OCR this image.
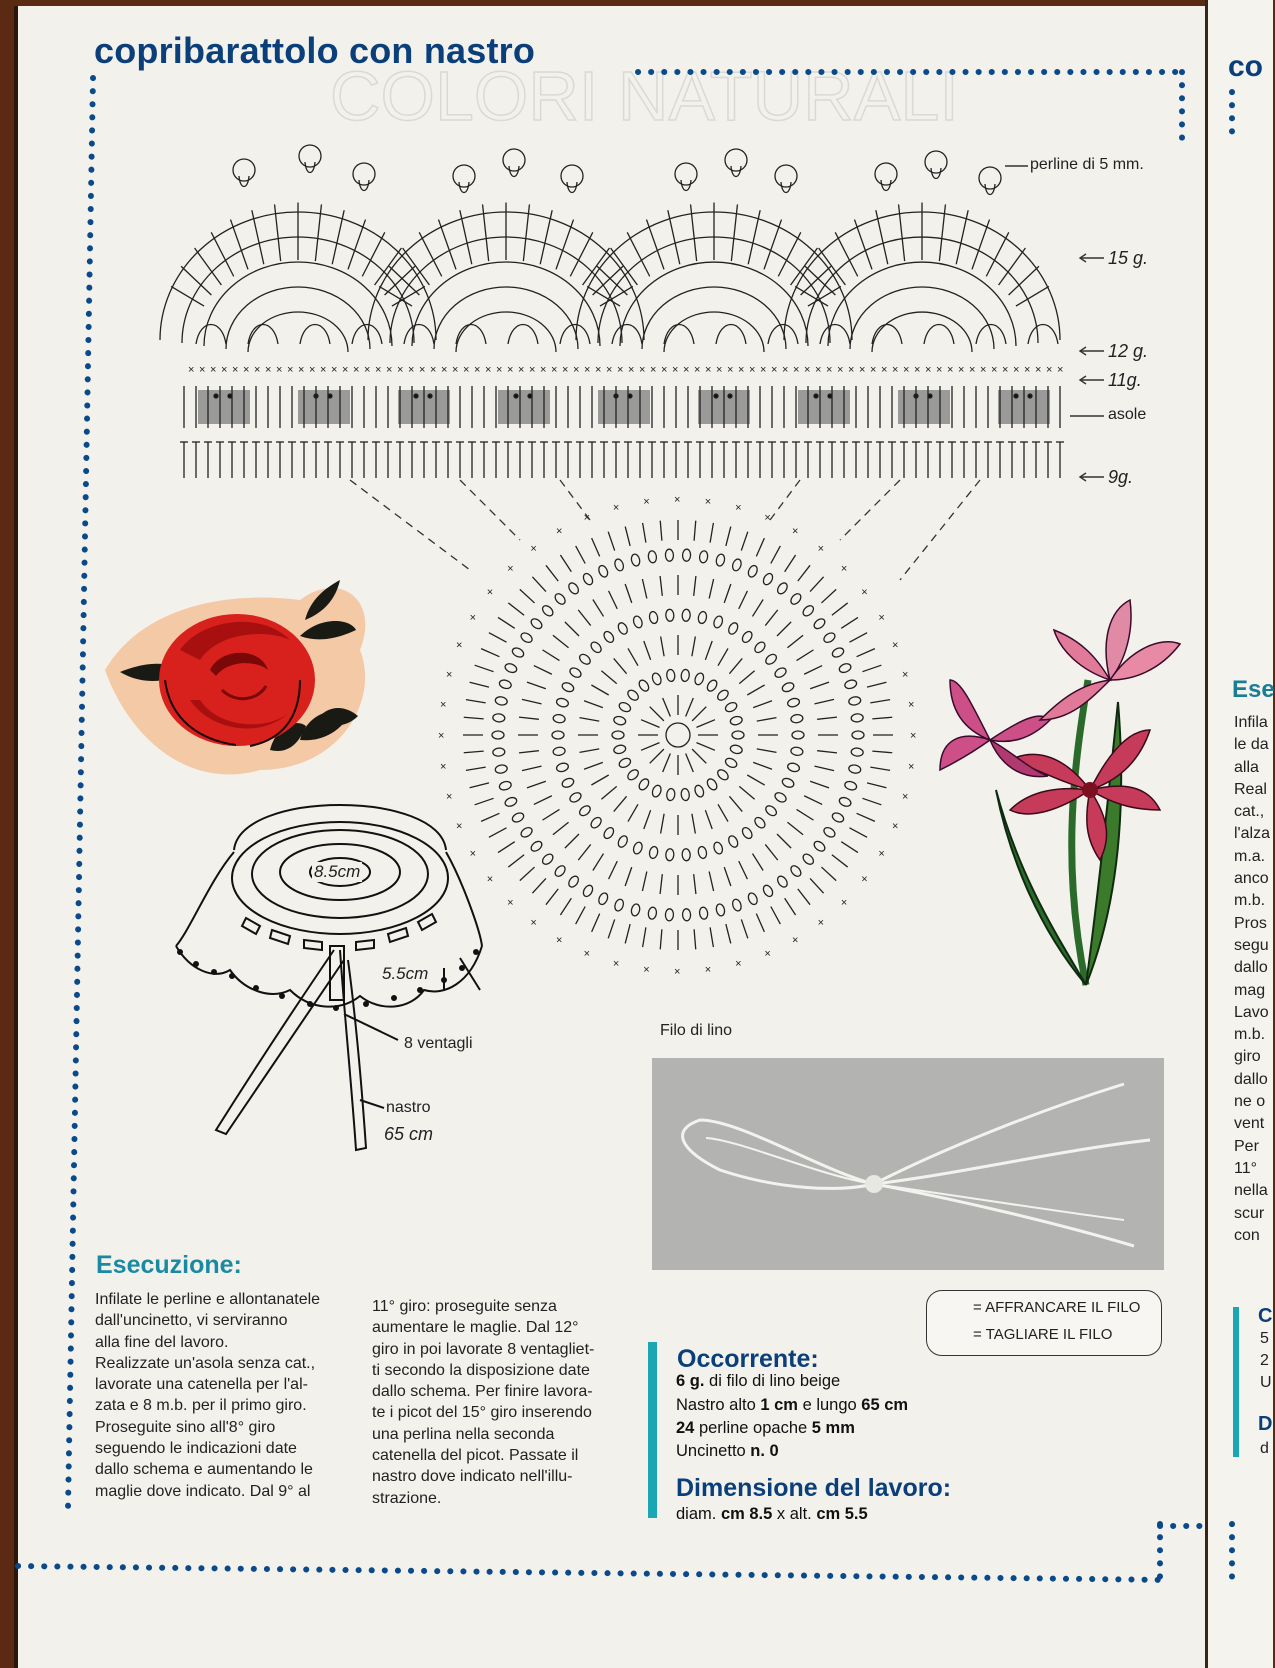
co
Ese
Infila
le da
alla
Real
cat.,
l'alza
m.a.
anco
m.b.
Pros
segu
dallo
mag
Lavo
m.b.
giro
dallo
ne o
vent
Per
11°
nella
scur
con
C
5
2
U
D
d
copribarattolo con nastro
COLORI NATURALI
× × × × × × × × × × × × × × × × × × × × × × × × × × × × × × × × × × × × × × × × × × × × × × × × × × × × × × × × × × × × × × × × × × × × × × × × × × × × × × × ×
×
×
×
×
×
×
×
×
×
×
×
×
×
×
×
×
×
×
×
×
×
×
×
×
×
×
×
×
×
×
×
×
×
×
×
× × ×
×
×
×
×
×
×
×
×
×
×
perline di 5 mm.
15 g.
12 g.
11g.
asole
9g.
8.5cm
5.5cm
8 ventagli
nastro
65 cm
Filo di lino
= AFFRANCARE IL FILO
= TAGLIARE IL FILO
Esecuzione:

Infilate le perline e allontanatele

dall'uncinetto, vi serviranno

alla fine del lavoro.

Realizzate un'asola senza cat.,

lavorate una catenella per l'al-

zata e 8 m.b. per il primo giro.

Proseguite sino all'8° giro

seguendo le indicazioni date

dallo schema e aumentando le

maglie dove indicato. Dal 9° al

11° giro: proseguite senza

aumentare le maglie. Dal 12°

giro in poi lavorate 8 ventagliet-

ti secondo la disposizione date

dallo schema. Per finire lavora-

te i picot del 15° giro inserendo

una perlina nella seconda

catenella del picot. Passate il

nastro dove indicato nell'illu-

strazione.

Occorrente:
6 g. di filo di lino beige
Nastro alto 1 cm e lungo 65 cm
24 perline opache 5 mm
Uncinetto n. 0
Dimensione del lavoro:
diam. cm 8.5 x alt. cm 5.5
